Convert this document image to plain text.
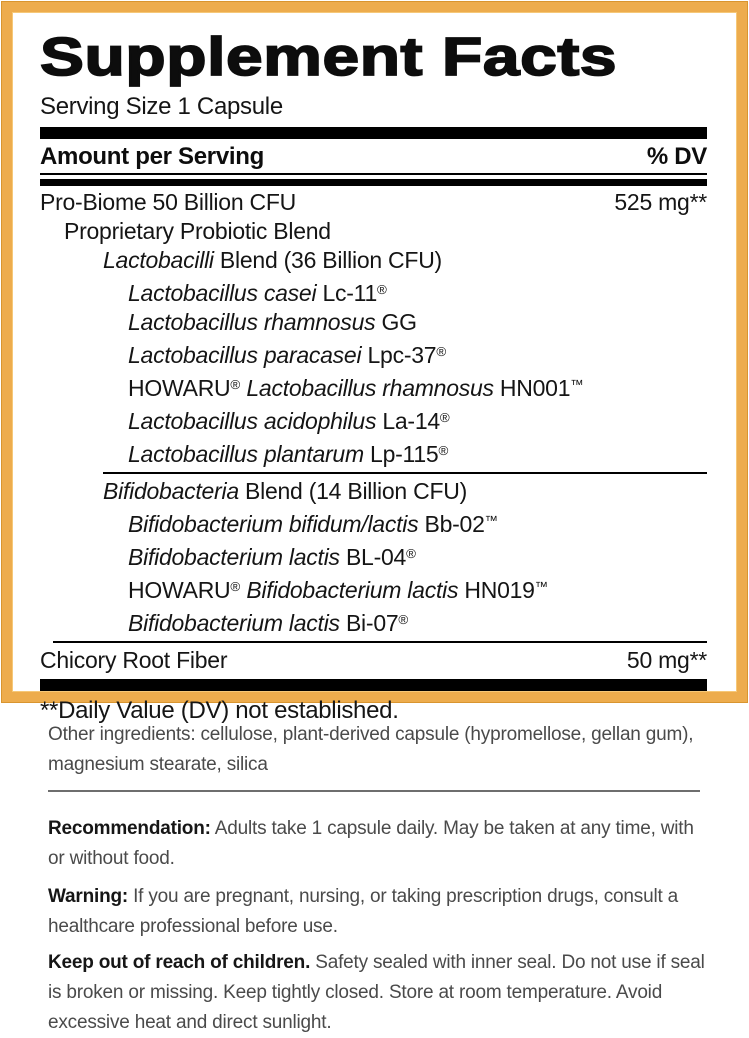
Supplement Facts
Serving Size 1 Capsule
Amount per Serving	% DV
Pro-Biome 50 Billion CFU	525 mg**
Proprietary Probiotic Blend
Lactobacilli Blend (36 Billion CFU)
Lactobacillus casei Lc-11®
Lactobacillus rhamnosus GG
Lactobacillus paracasei Lpc-37®
HOWARU® Lactobacillus rhamnosus HN001™
Lactobacillus acidophilus La-14®
Lactobacillus plantarum Lp-115®
Bifidobacteria Blend (14 Billion CFU)
Bifidobacterium bifidum/lactis Bb-02™
Bifidobacterium lactis BL-04®
HOWARU® Bifidobacterium lactis HN019™
Bifidobacterium lactis Bi-07®
Chicory Root Fiber	50 mg**
**Daily Value (DV) not established.

Other ingredients: cellulose, plant-derived capsule (hypromellose, gellan gum),
magnesium stearate, silica

Recommendation: Adults take 1 capsule daily. May be taken at any time, with
or without food.

Warning: If you are pregnant, nursing, or taking prescription drugs, consult a
healthcare professional before use.

Keep out of reach of children. Safety sealed with inner seal. Do not use if seal
is broken or missing. Keep tightly closed. Store at room temperature. Avoid
excessive heat and direct sunlight.
